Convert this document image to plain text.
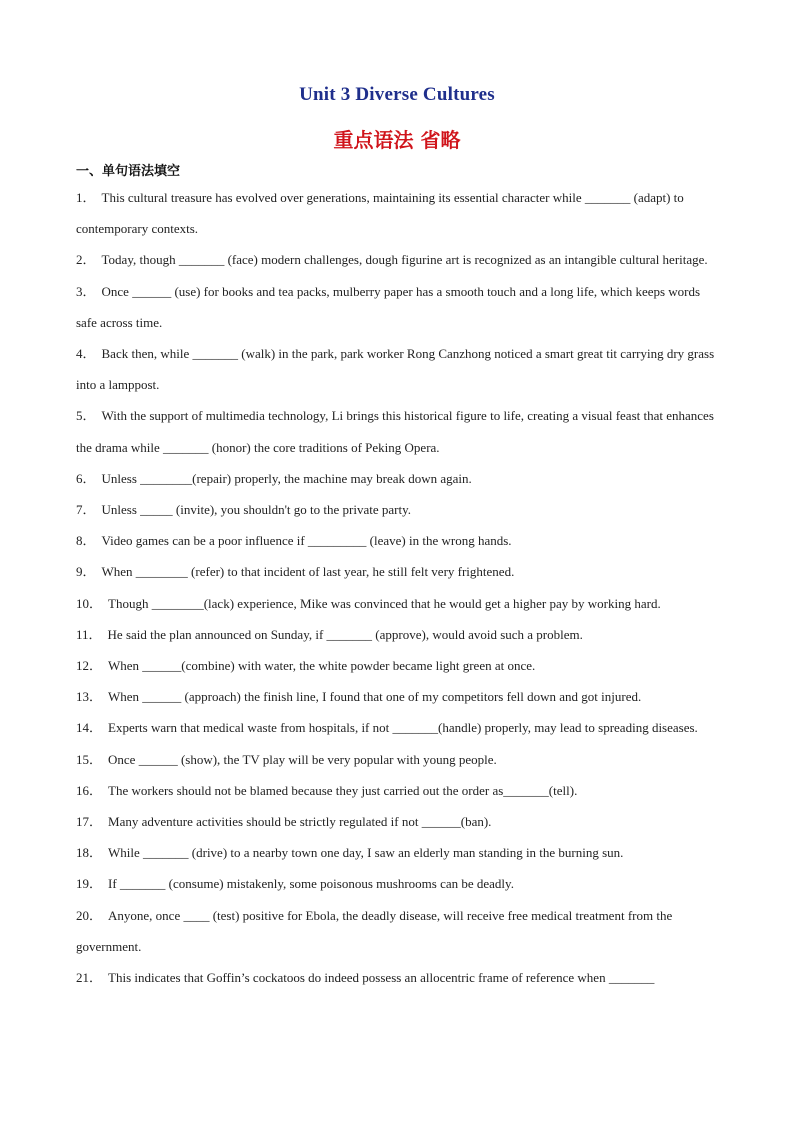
Unit 3 Diverse Cultures
重点语法 省略
一、单句语法填空
1． This cultural treasure has evolved over generations, maintaining its essential character while _______ (adapt) to contemporary contexts.
2． Today, though _______ (face) modern challenges, dough figurine art is recognized as an intangible cultural heritage.
3． Once ______ (use) for books and tea packs, mulberry paper has a smooth touch and a long life, which keeps words safe across time.
4． Back then, while _______ (walk) in the park, park worker Rong Canzhong noticed a smart great tit carrying dry grass into a lamppost.
5． With the support of multimedia technology, Li brings this historical figure to life, creating a visual feast that enhances the drama while _______ (honor) the core traditions of Peking Opera.
6． Unless ________(repair) properly, the machine may break down again.
7． Unless _____ (invite), you shouldn't go to the private party.
8． Video games can be a poor influence if _________ (leave) in the wrong hands.
9． When ________ (refer) to that incident of last year, he still felt very frightened.
10． Though ________(lack) experience, Mike was convinced that he would get a higher pay by working hard.
11． He said the plan announced on Sunday, if _______ (approve), would avoid such a problem.
12． When ______(combine) with water, the white powder became light green at once.
13． When ______ (approach) the finish line, I found that one of my competitors fell down and got injured.
14． Experts warn that medical waste from hospitals, if not _______(handle) properly, may lead to spreading diseases.
15． Once ______ (show), the TV play will be very popular with young people.
16． The workers should not be blamed because they just carried out the order as_______(tell).
17． Many adventure activities should be strictly regulated if not ______(ban).
18． While _______ (drive) to a nearby town one day, I saw an elderly man standing in the burning sun.
19． If _______ (consume) mistakenly, some poisonous mushrooms can be deadly.
20． Anyone, once ____ (test) positive for Ebola, the deadly disease, will receive free medical treatment from the government.
21． This indicates that Goffin’s cockatoos do indeed possess an allocentric frame of reference when _______
